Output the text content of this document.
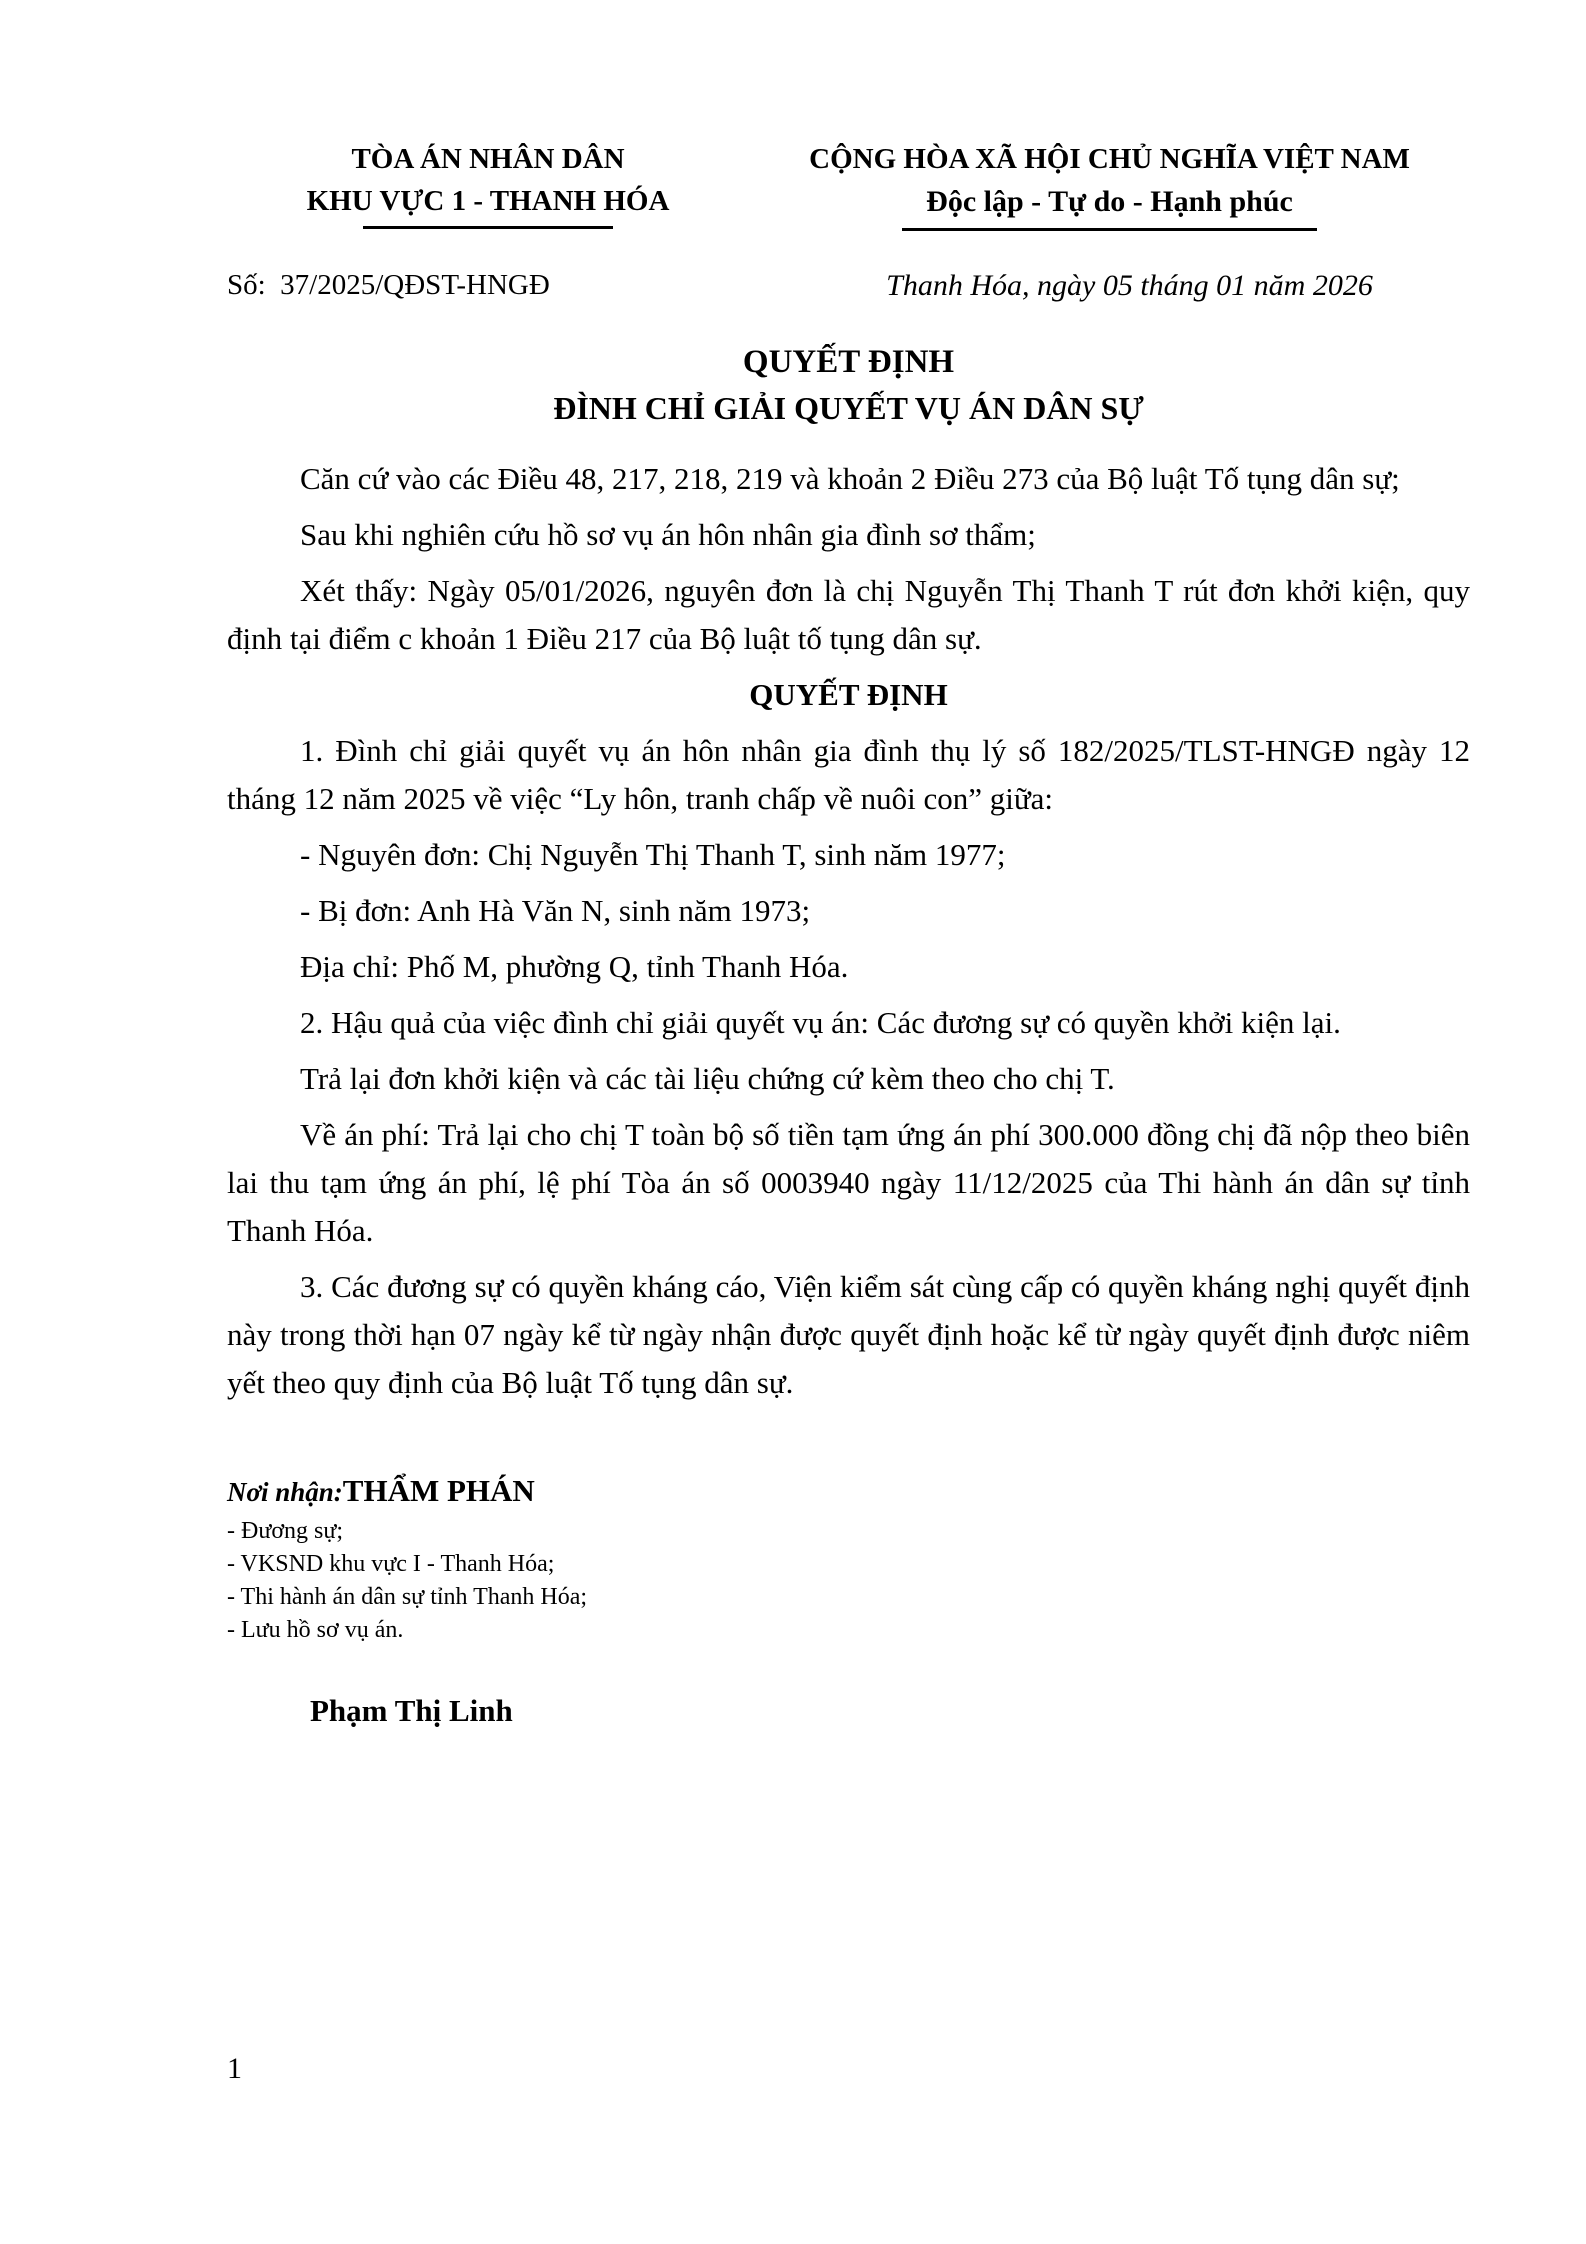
TÒA ÁN NHÂN DÂN
KHU VỰC 1 - THANH HÓA
Số:  37/2025/QĐST-HNGĐ
CỘNG HÒA XÃ HỘI CHỦ NGHĨA VIỆT NAM
Độc lập - Tự do - Hạnh phúc
Thanh Hóa, ngày 05 tháng 01 năm 2026
QUYẾT ĐỊNH
ĐÌNH CHỈ GIẢI QUYẾT VỤ ÁN DÂN SỰ

Căn cứ vào các Điều 48, 217, 218, 219 và khoản 2 Điều 273 của Bộ luật Tố tụng dân sự;

Sau khi nghiên cứu hồ sơ vụ án hôn nhân gia đình sơ thẩm;

Xét thấy: Ngày 05/01/2026, nguyên đơn là chị Nguyễn Thị Thanh T rút đơn khởi kiện, quy định tại điểm c khoản 1 Điều 217 của Bộ luật tố tụng dân sự.

QUYẾT ĐỊNH

1. Đình chỉ giải quyết vụ án hôn nhân gia đình thụ lý số 182/2025/TLST-HNGĐ ngày 12 tháng 12 năm 2025 về việc “Ly hôn, tranh chấp về nuôi con” giữa:

- Nguyên đơn: Chị Nguyễn Thị Thanh T, sinh năm 1977;

- Bị đơn: Anh Hà Văn N, sinh năm 1973;

Địa chỉ: Phố M, phường Q, tỉnh Thanh Hóa.

2. Hậu quả của việc đình chỉ giải quyết vụ án: Các đương sự có quyền khởi kiện lại.

Trả lại đơn khởi kiện và các tài liệu chứng cứ kèm theo cho chị T.

Về án phí: Trả lại cho chị T toàn bộ số tiền tạm ứng án phí 300.000 đồng chị đã nộp theo biên lai thu tạm ứng án phí, lệ phí Tòa án số 0003940 ngày 11/12/2025 của Thi hành án dân sự tỉnh Thanh Hóa.

3. Các đương sự có quyền kháng cáo, Viện kiểm sát cùng cấp có quyền kháng nghị quyết định này trong thời hạn 07 ngày kể từ ngày nhận được quyết định hoặc kể từ ngày quyết định được niêm yết theo quy định của Bộ luật Tố tụng dân sự.

Nơi nhận:THẨM PHÁN
- Đương sự;
- VKSND khu vực I - Thanh Hóa;
- Thi hành án dân sự tỉnh Thanh Hóa;
- Lưu hồ sơ vụ án.
Phạm Thị Linh
1
